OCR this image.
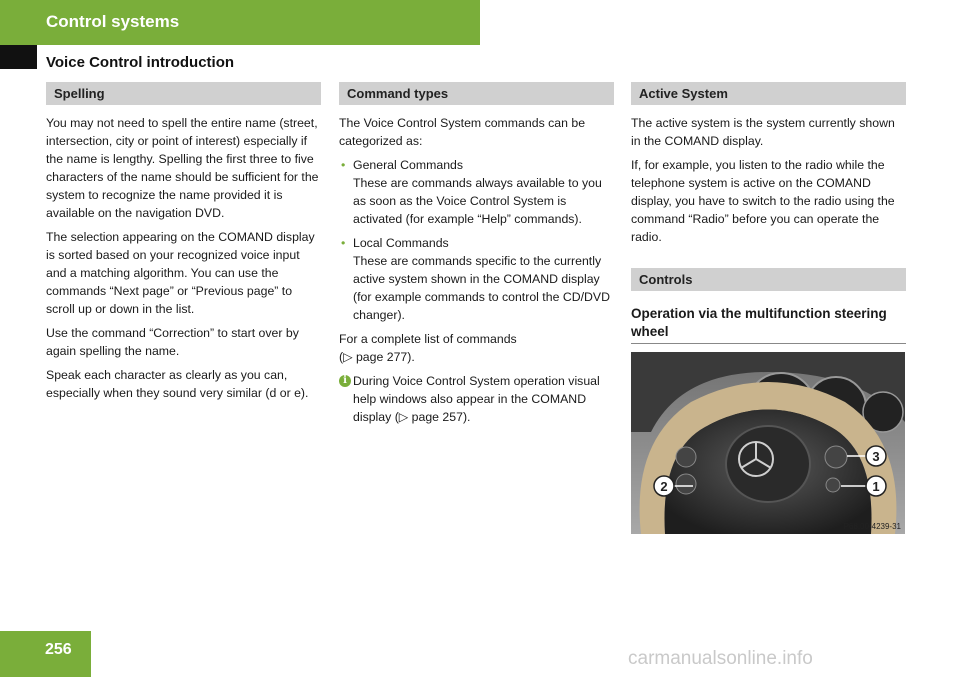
Control systems
Voice Control introduction
Spelling

You may not need to spell the entire name (street, intersection, city or point of interest) especially if the name is lengthy. Spelling the first three to five characters of the name should be sufficient for the system to recognize the name provided it is available on the navigation DVD.

The selection appearing on the COMAND display is sorted based on your recognized voice input and a matching algorithm. You can use the commands “Next page” or “Previous page” to scroll up or down in the list.

Use the command “Correction” to start over by again spelling the name.

Speak each character as clearly as you can, especially when they sound very similar (d or e).

Command types

The Voice Control System commands can be categorized as:

• General Commands
These are commands always available to you as soon as the Voice Control System is activated (for example “Help” commands).
• Local Commands
These are commands specific to the currently active system shown in the COMAND display (for example commands to control the CD/DVD changer).

For a complete list of commands
(▷ page 277).

i During Voice Control System operation visual help windows also appear in the COMAND display (▷ page 257).
Active System

The active system is the system currently shown in the COMAND display.

If, for example, you listen to the radio while the telephone system is active on the COMAND display, you have to switch to the radio using the command “Radio” before you can operate the radio.

Controls
Operation via the multifunction steering wheel
3
1
2
P68.00-4239-31
256	carmanualsonline.info
